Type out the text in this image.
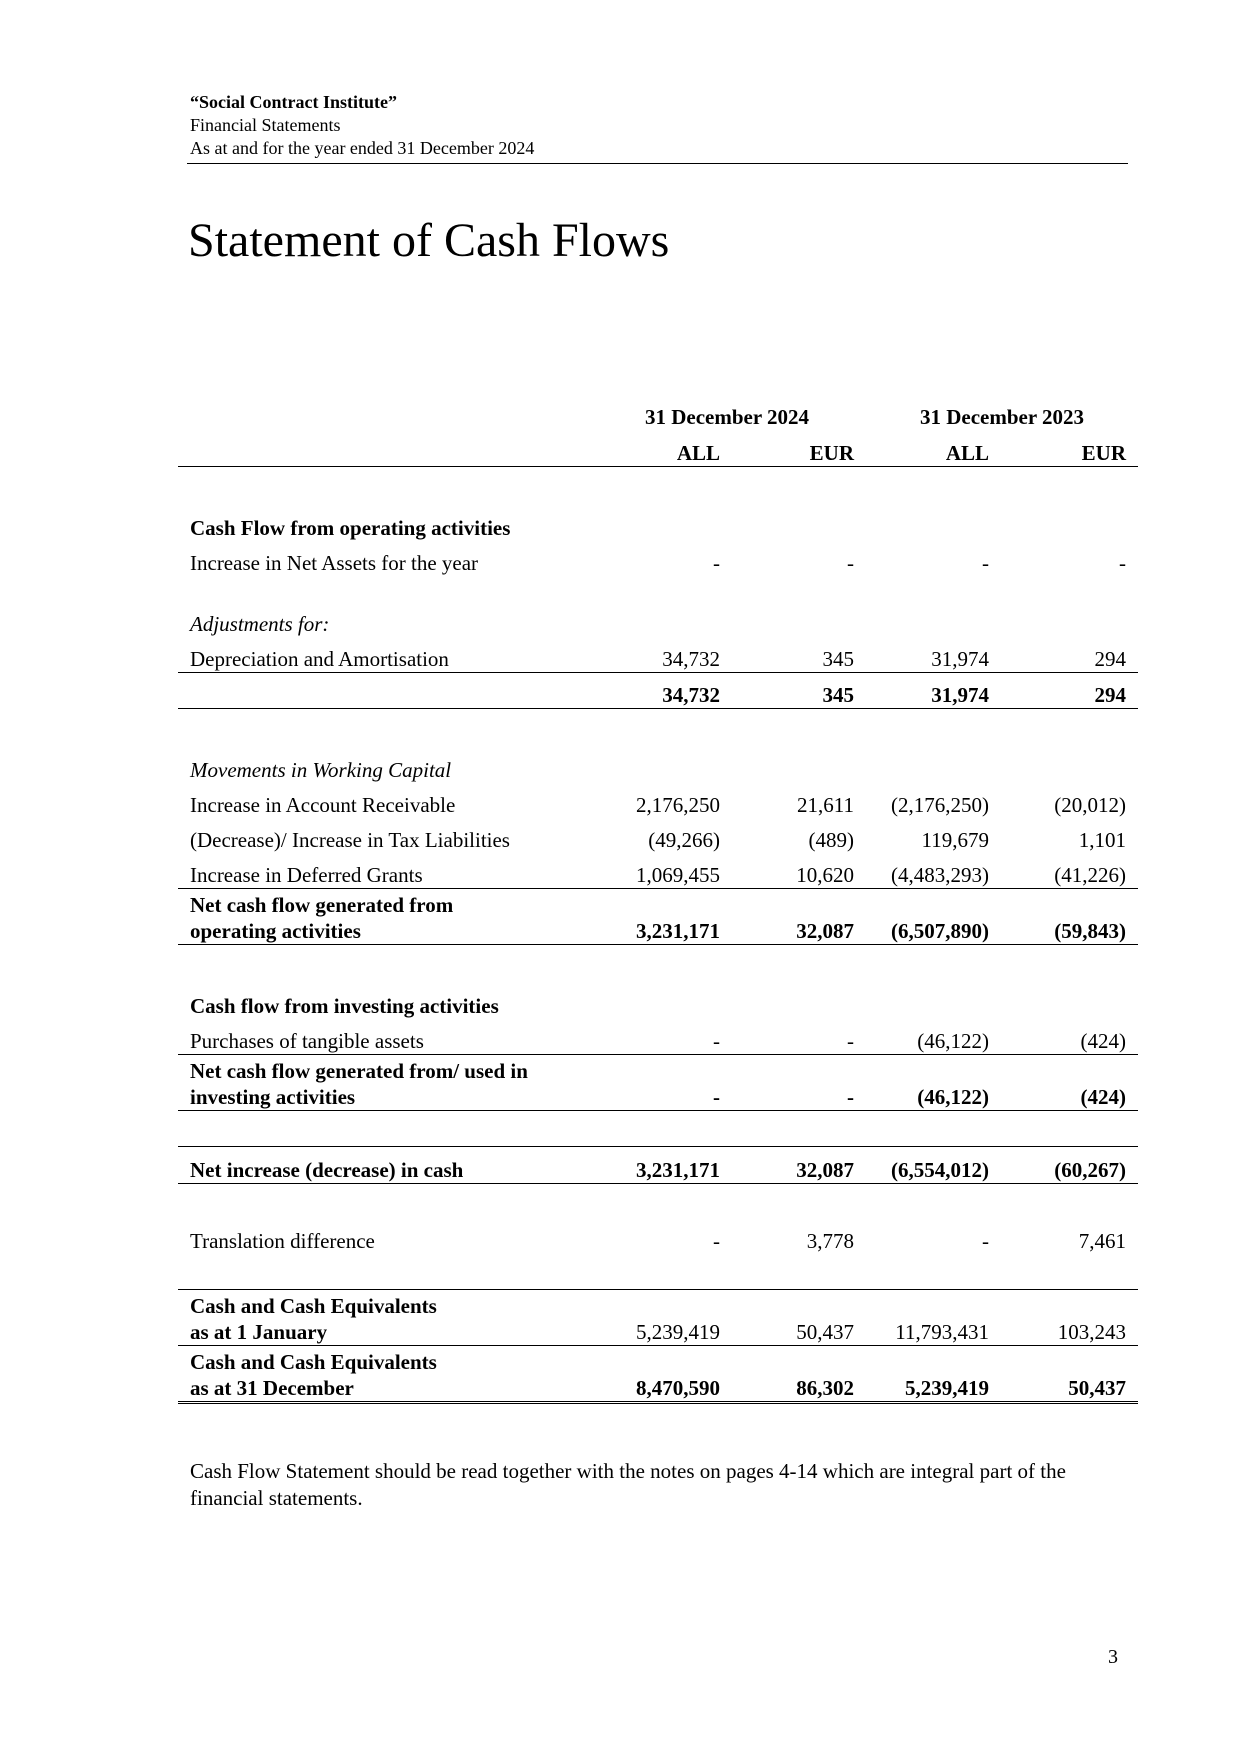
“Social Contract Institute”
Financial Statements
As at and for the year ended 31 December 2024
Statement of Cash Flows
	31 December 2024		31 December 2023	
	ALL	EUR	ALL	EUR

Cash Flow from operating activities				
Increase in Net Assets for the year	-	-	-	-

Adjustments for:				
Depreciation and Amortisation	34,732	345	31,974	294
	34,732	345	31,974	294

Movements in Working Capital				
Increase in Account Receivable	2,176,250	21,611	(2,176,250)	(20,012)
(Decrease)/ Increase in Tax Liabilities	(49,266)	(489)	119,679	1,101
Increase in Deferred Grants	1,069,455	10,620	(4,483,293)	(41,226)

Net cash flow generated from
operating activities	3,231,171	32,087	(6,507,890)	(59,843)

Cash flow from investing activities				
Purchases of tangible assets	-	-	(46,122)	(424)

Net cash flow generated from/ used in
investing activities	-	-	(46,122)	(424)

Net increase (decrease) in cash	3,231,171	32,087	(6,554,012)	(60,267)

Translation difference	-	3,778	-	7,461

Cash and Cash Equivalents
as at 1 January	5,239,419	50,437	11,793,431	103,243

Cash and Cash Equivalents
as at 31 December	8,470,590	86,302	5,239,419	50,437
Cash Flow Statement should be read together with the notes on pages 4-14 which are integral part of the financial statements.
3
